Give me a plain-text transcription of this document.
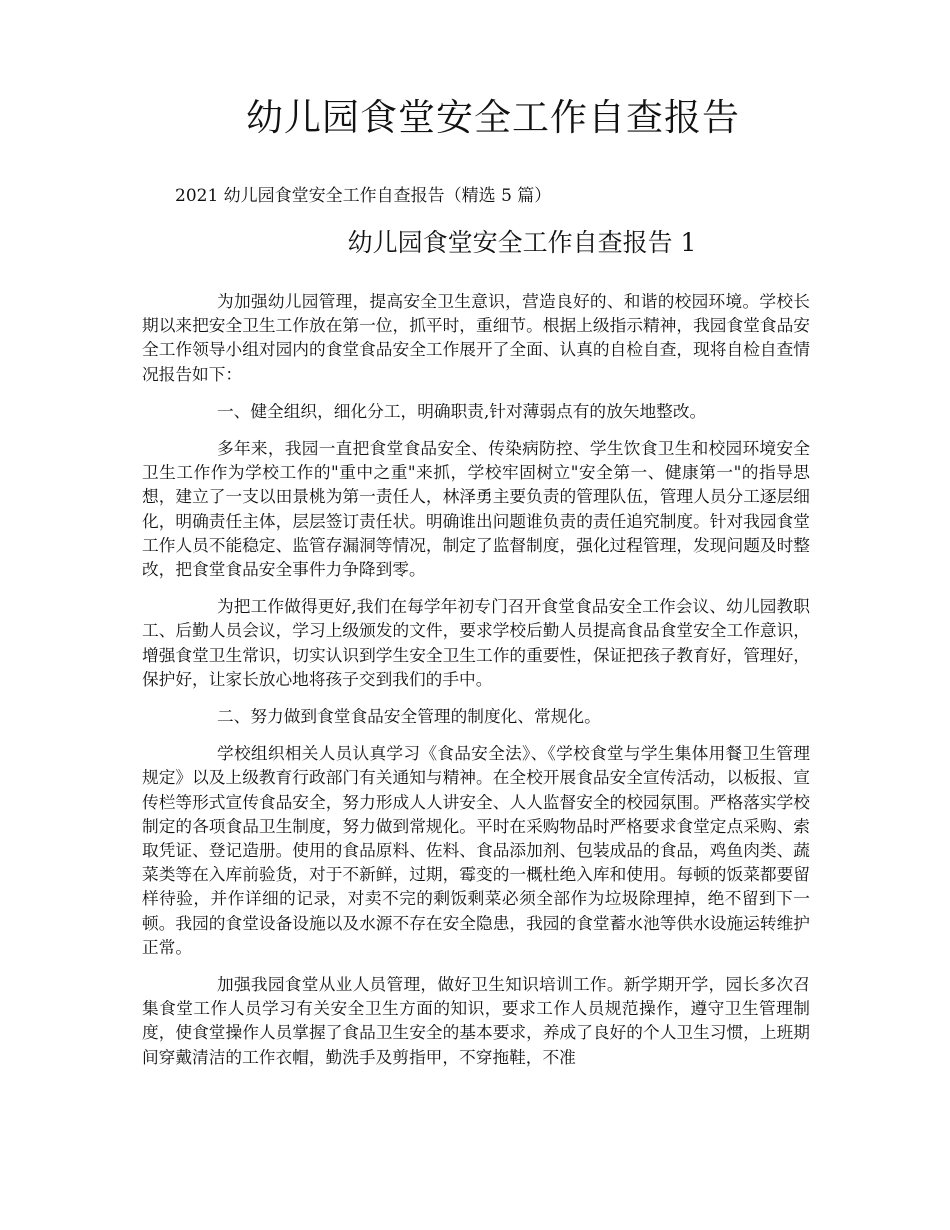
幼儿园食堂安全工作自查报告

2021 幼儿园食堂安全工作自查报告（精选 5 篇）

幼儿园食堂安全工作自查报告 1

为加强幼儿园管理，提高安全卫生意识，营造良好的、和谐的校园环境。学校长期以来把安全卫生工作放在第一位，抓平时，重细节。根据上级指示精神，我园食堂食品安全工作领导小组对园内的食堂食品安全工作展开了全面、认真的自检自查，现将自检自查情况报告如下：

一、健全组织，细化分工，明确职责,针对薄弱点有的放矢地整改。

多年来，我园一直把食堂食品安全、传染病防控、学生饮食卫生和校园环境安全卫生工作作为学校工作的"重中之重"来抓，学校牢固树立"安全第一、健康第一"的指导思想，建立了一支以田景桃为第一责任人，林泽勇主要负责的管理队伍，管理人员分工逐层细化，明确责任主体，层层签订责任状。明确谁出问题谁负责的责任追究制度。针对我园食堂工作人员不能稳定、监管存漏洞等情况，制定了监督制度，强化过程管理，发现问题及时整改，把食堂食品安全事件力争降到零。

为把工作做得更好,我们在每学年初专门召开食堂食品安全工作会议、幼儿园教职工、后勤人员会议，学习上级颁发的文件，要求学校后勤人员提高食品食堂安全工作意识，增强食堂卫生常识，切实认识到学生安全卫生工作的重要性，保证把孩子教育好，管理好，保护好，让家长放心地将孩子交到我们的手中。

二、努力做到食堂食品安全管理的制度化、常规化。

学校组织相关人员认真学习《食品安全法》、《学校食堂与学生集体用餐卫生管理规定》以及上级教育行政部门有关通知与精神。在全校开展食品安全宣传活动，以板报、宣传栏等形式宣传食品安全，努力形成人人讲安全、人人监督安全的校园氛围。严格落实学校制定的各项食品卫生制度，努力做到常规化。平时在采购物品时严格要求食堂定点采购、索取凭证、登记造册。使用的食品原料、佐料、食品添加剂、包装成品的食品，鸡鱼肉类、蔬菜类等在入库前验货，对于不新鲜，过期，霉变的一概杜绝入库和使用。每顿的饭菜都要留样待验，并作详细的记录，对卖不完的剩饭剩菜必须全部作为垃圾除理掉，绝不留到下一顿。我园的食堂设备设施以及水源不存在安全隐患，我园的食堂蓄水池等供水设施运转维护正常。

加强我园食堂从业人员管理，做好卫生知识培训工作。新学期开学，园长多次召集食堂工作人员学习有关安全卫生方面的知识，要求工作人员规范操作，遵守卫生管理制度，使食堂操作人员掌握了食品卫生安全的基本要求，养成了良好的个人卫生习惯，上班期间穿戴清洁的工作衣帽，勤洗手及剪指甲，不穿拖鞋，不准
